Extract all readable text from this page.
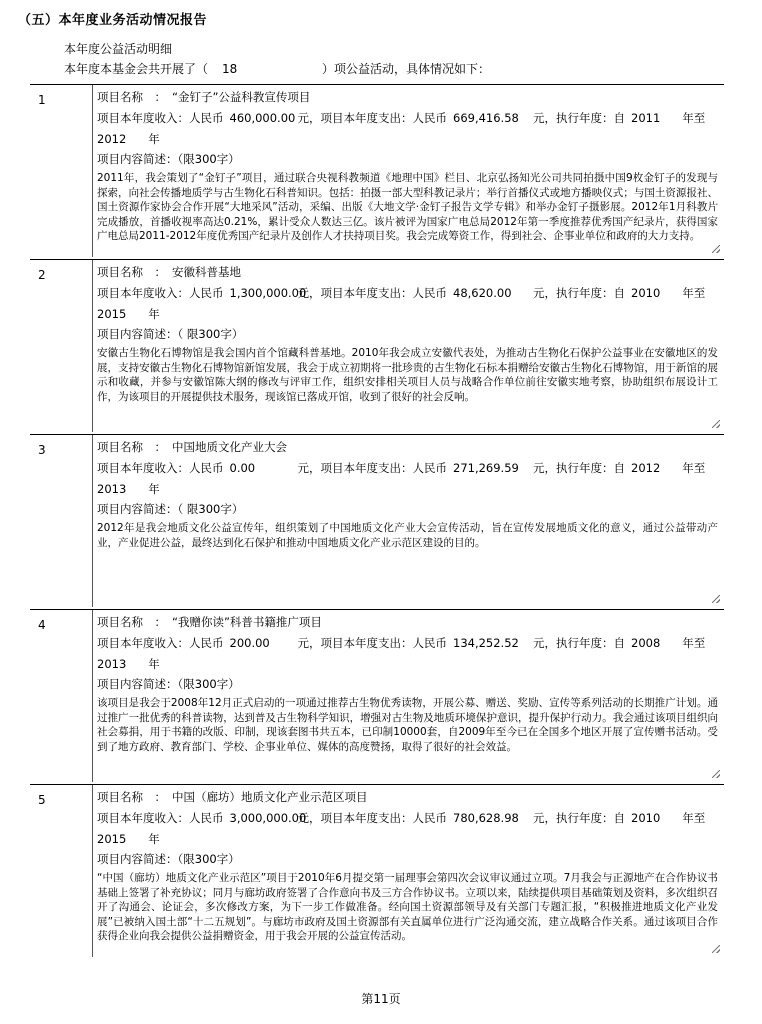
（五）本年度业务活动情况报告
本年度公益活动明细
本年度本基金会共开展了（ 18	）项公益活动，具体情况如下：
1	项目名称　： “金钉子”公益科教宣传项目
项目本年度收入：人民币 460,000.00 元，项目本年度支出：人民币 669,416.58 元，执行年度：自 2011 年至
2012 年
项目内容简述：（限300字）
2011年，我会策划了“金钉子”项目，通过联合央视科教频道《地理中国》栏目、北京弘扬知光公司共同拍摄中国9枚金钉子的发现与探索，向社会传播地质学与古生物化石科普知识。包括：拍摄一部大型科教记录片；举行首播仪式或地方播映仪式；与国土资源报社、国土资源作家协会合作开展“大地采风”活动，采编、出版《大地文学·金钉子报告文学专辑》和举办金钉子摄影展。2012年1月科教片完成播放，首播收视率高达0.21%，累计受众人数达三亿。该片被评为国家广电总局2012年第一季度推荐优秀国产纪录片，获得国家广电总局2011-2012年度优秀国产纪录片及创作人才扶持项目奖。我会完成筹资工作，得到社会、企事业单位和政府的大力支持。
2	项目名称　： 安徽科普基地
项目本年度收入：人民币 1,300,000.00元，项目本年度支出：人民币 48,620.00 元，执行年度：自 2010 年至
2015 年
项目内容简述：（ 限300字）
安徽古生物化石博物馆是我会国内首个馆藏科普基地。2010年我会成立安徽代表处，为推动古生物化石保护公益事业在安徽地区的发展，支持安徽古生物化石博物馆新馆发展，我会于成立初期将一批珍贵的古生物化石标本捐赠给安徽古生物化石博物馆，用于新馆的展示和收藏，并参与安徽馆陈大纲的修改与评审工作，组织安排相关项目人员与战略合作单位前往安徽实地考察，协助组织布展设计工作，为该项目的开展提供技术服务，现该馆已落成开馆，收到了很好的社会反响。
3	项目名称　： 中国地质文化产业大会
项目本年度收入：人民币 0.00	元，项目本年度支出：人民币 271,269.59 元，执行年度：自 2012 年至
2013 年
项目内容简述：（ 限300字）
2012年是我会地质文化公益宣传年，组织策划了中国地质文化产业大会宣传活动，旨在宣传发展地质文化的意义，通过公益带动产业，产业促进公益，最终达到化石保护和推动中国地质文化产业示范区建设的目的。
4	项目名称　： “我赠你读”科普书籍推广项目
项目本年度收入：人民币 200.00 元，项目本年度支出：人民币 134,252.52 元，执行年度：自 2008 年至
2013 年
项目内容简述：（限300字）
该项目是我会于2008年12月正式启动的一项通过推荐古生物优秀读物，开展公募、赠送、奖励、宣传等系列活动的长期推广计划。通过推广一批优秀的科普读物，达到普及古生物科学知识，增强对古生物及地质环境保护意识，提升保护行动力。我会通过该项目组织向社会募捐，用于书籍的改版、印制，现该套图书共五本，已印制10000套，自2009年至今已在全国多个地区开展了宣传赠书活动。受到了地方政府、教育部门、学校、企事业单位、媒体的高度赞扬，取得了很好的社会效益。
5	项目名称　： 中国（廊坊）地质文化产业示范区项目
项目本年度收入：人民币 3,000,000.00元，项目本年度支出：人民币 780,628.98 元，执行年度：自 2010 年至
2015 年
项目内容简述：（限300字）
“中国（廊坊）地质文化产业示范区”项目于2010年6月提交第一届理事会第四次会议审议通过立项。7月我会与正源地产在合作协议书基础上签署了补充协议；同月与廊坊政府签署了合作意向书及三方合作协议书。立项以来，陆续提供项目基础策划及资料，多次组织召开了沟通会、论证会，多次修改方案，为下一步工作做准备。经向国土资源部领导及有关部门专题汇报，“积极推进地质文化产业发展”已被纳入国土部“十二五规划”。与廊坊市政府及国土资源部有关直属单位进行广泛沟通交流，建立战略合作关系。通过该项目合作获得企业向我会提供公益捐赠资金，用于我会开展的公益宣传活动。
第11页
